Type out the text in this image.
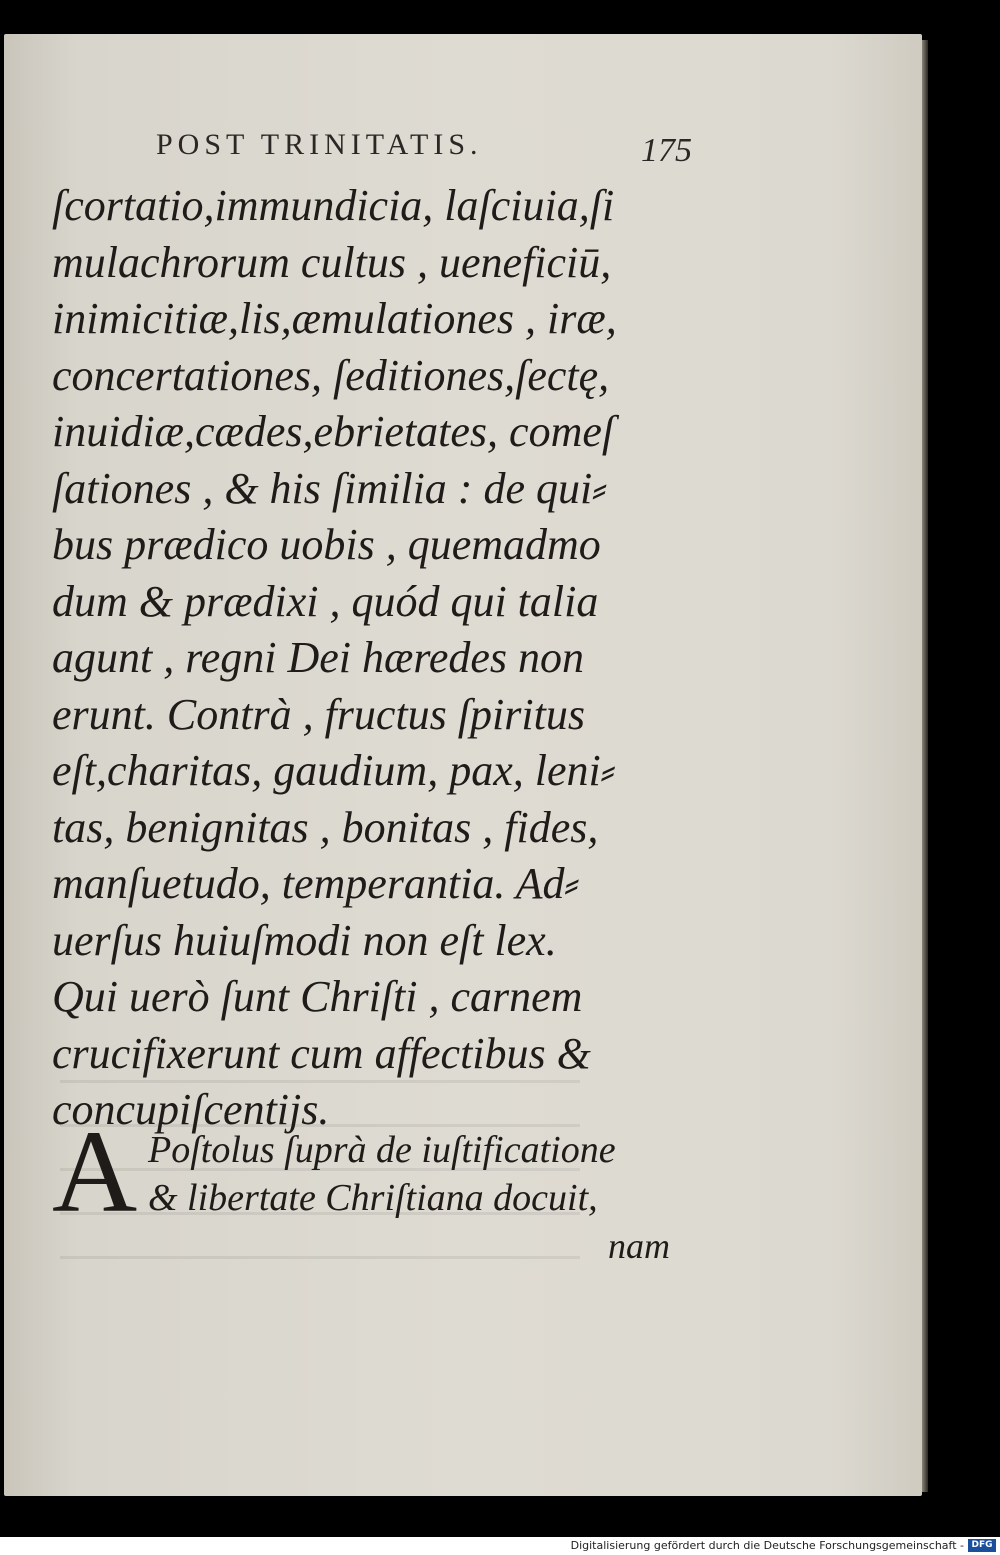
POST TRINITATIS.	175
ſcortatio,immundicia, laſciuia,ſi
mulachrorum cultus , ueneficiū,
inimicitiæ,lis,æmulationes , iræ,
concertationes, ſeditiones,ſectę,
inuidiæ,cædes,ebrietates, comeſ
ſationes , & his ſimilia : de qui⸗
bus prædico uobis , quemadmo
dum & prædixi , quód qui talia
agunt , regni Dei hæredes non
erunt. Contrà , fructus ſpiritus
eſt,charitas, gaudium, pax, leni⸗
tas, benignitas , bonitas , fides,
manſuetudo, temperantia. Ad⸗
uerſus huiuſmodi non eſt lex.
Qui uerò ſunt Chriſti , carnem
crucifixerunt cum affectibus &
concupiſcentijs.
A Poſtolus ſuprà de iuſtificatione
& libertate Chriſtiana docuit,
nam
Digitalisierung gefördert durch die Deutsche Forschungsgemeinschaft - DFG
